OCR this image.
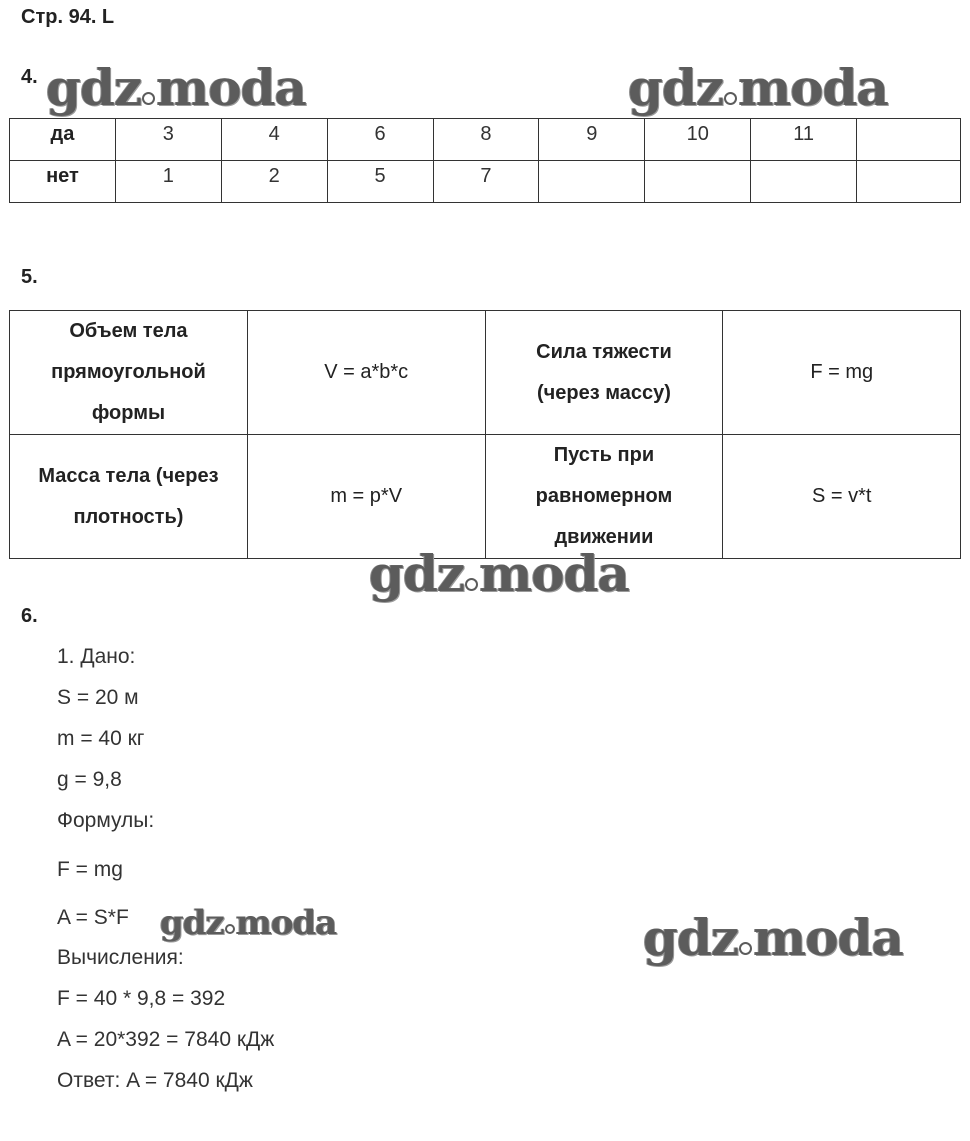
Стр. 94. L
4.
да	3	4	6	8	9	10	11	
нет	1	2	5	7				
5.
Объем тела прямоугольной формы	V = a*b*c	Сила тяжести (через массу)	F = mg
Масса тела (через плотность)	m = p*V	Пусть при равномерном движении	S = v*t
6.
1. Дано:
S = 20 м
m = 40 кг
g = 9,8
Формулы:
F = mg
A = S*F
Вычисления:
F = 40 * 9,8 = 392
A = 20*392 = 7840 кДж
Ответ: A = 7840 кДж
gdz moda	gdz moda
gdz moda
gdz moda	gdz moda
